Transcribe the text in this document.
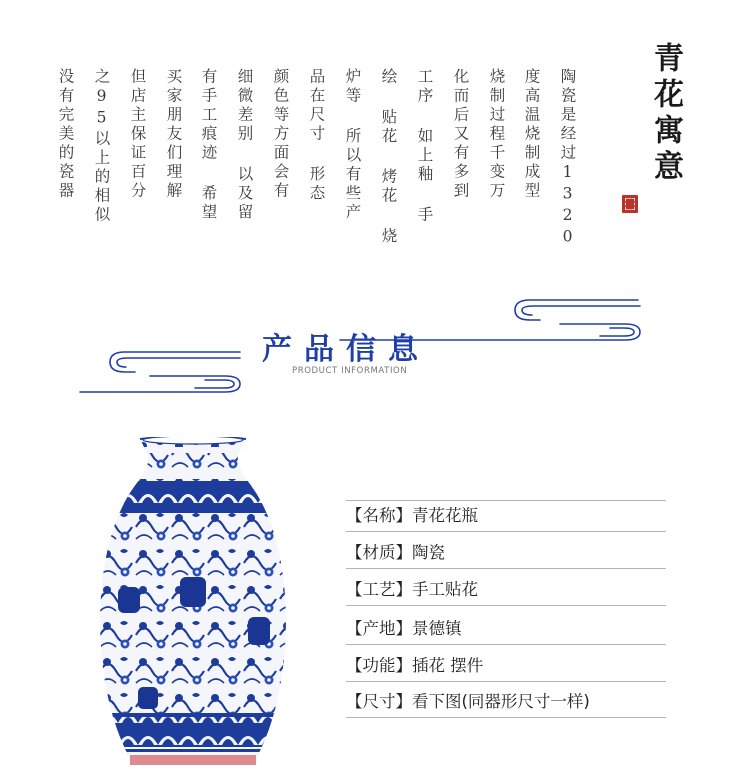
青花寓意
陶瓷是经过1320
度高温烧制成型
烧制过程千变万
化而后又有多到
工序 如上釉 手
绘 贴花 烤花 烧
炉等 所以有些产
品在尺寸 形态
颜色等方面会有
细微差别 以及留
有手工痕迹 希望
买家朋友们理解
但店主保证百分
之95以上的相似
没有完美的瓷器
产品信息
PRODUCT INFORMATION
【名称】青花花瓶
【材质】陶瓷
【工艺】手工贴花
【产地】景德镇
【功能】插花 摆件
【尺寸】看下图(同器形尺寸一样)
